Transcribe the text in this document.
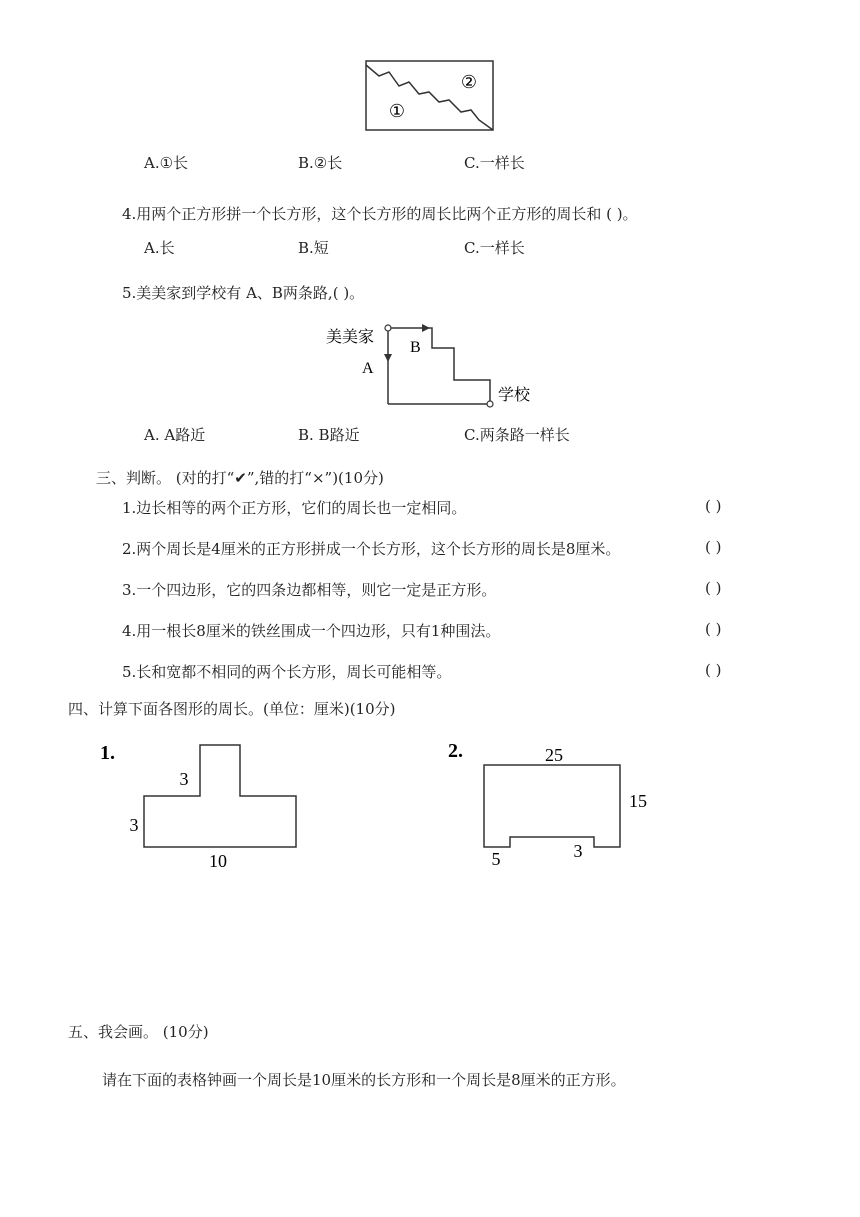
②
①
A.①长	B.②长	C.一样长
4.用两个正方形拼一个长方形，这个长方形的周长比两个正方形的周长和 ( )。
A.长	B.短	C.一样长
5.美美家到学校有 A、B两条路,( )。
美美家
A
B
学校
A. A路近	B. B路近	C.两条路一样长
三、判断。 (对的打“✔”,错的打“×”)(10分)
1.边长相等的两个正方形，它们的周长也一定相同。	( )
2.两个周长是4厘米的正方形拼成一个长方形，这个长方形的周长是8厘米。	( )
3.一个四边形，它的四条边都相等，则它一定是正方形。	( )
4.用一根长8厘米的铁丝围成一个四边形，只有1种围法。	( )
5.长和宽都不相同的两个长方形，周长可能相等。	( )
四、计算下面各图形的周长。(单位：厘米)(10分)
1.
3
3
10
2.	25
15
5	3
五、我会画。 (10分)
请在下面的表格钟画一个周长是10厘米的长方形和一个周长是8厘米的正方形。
